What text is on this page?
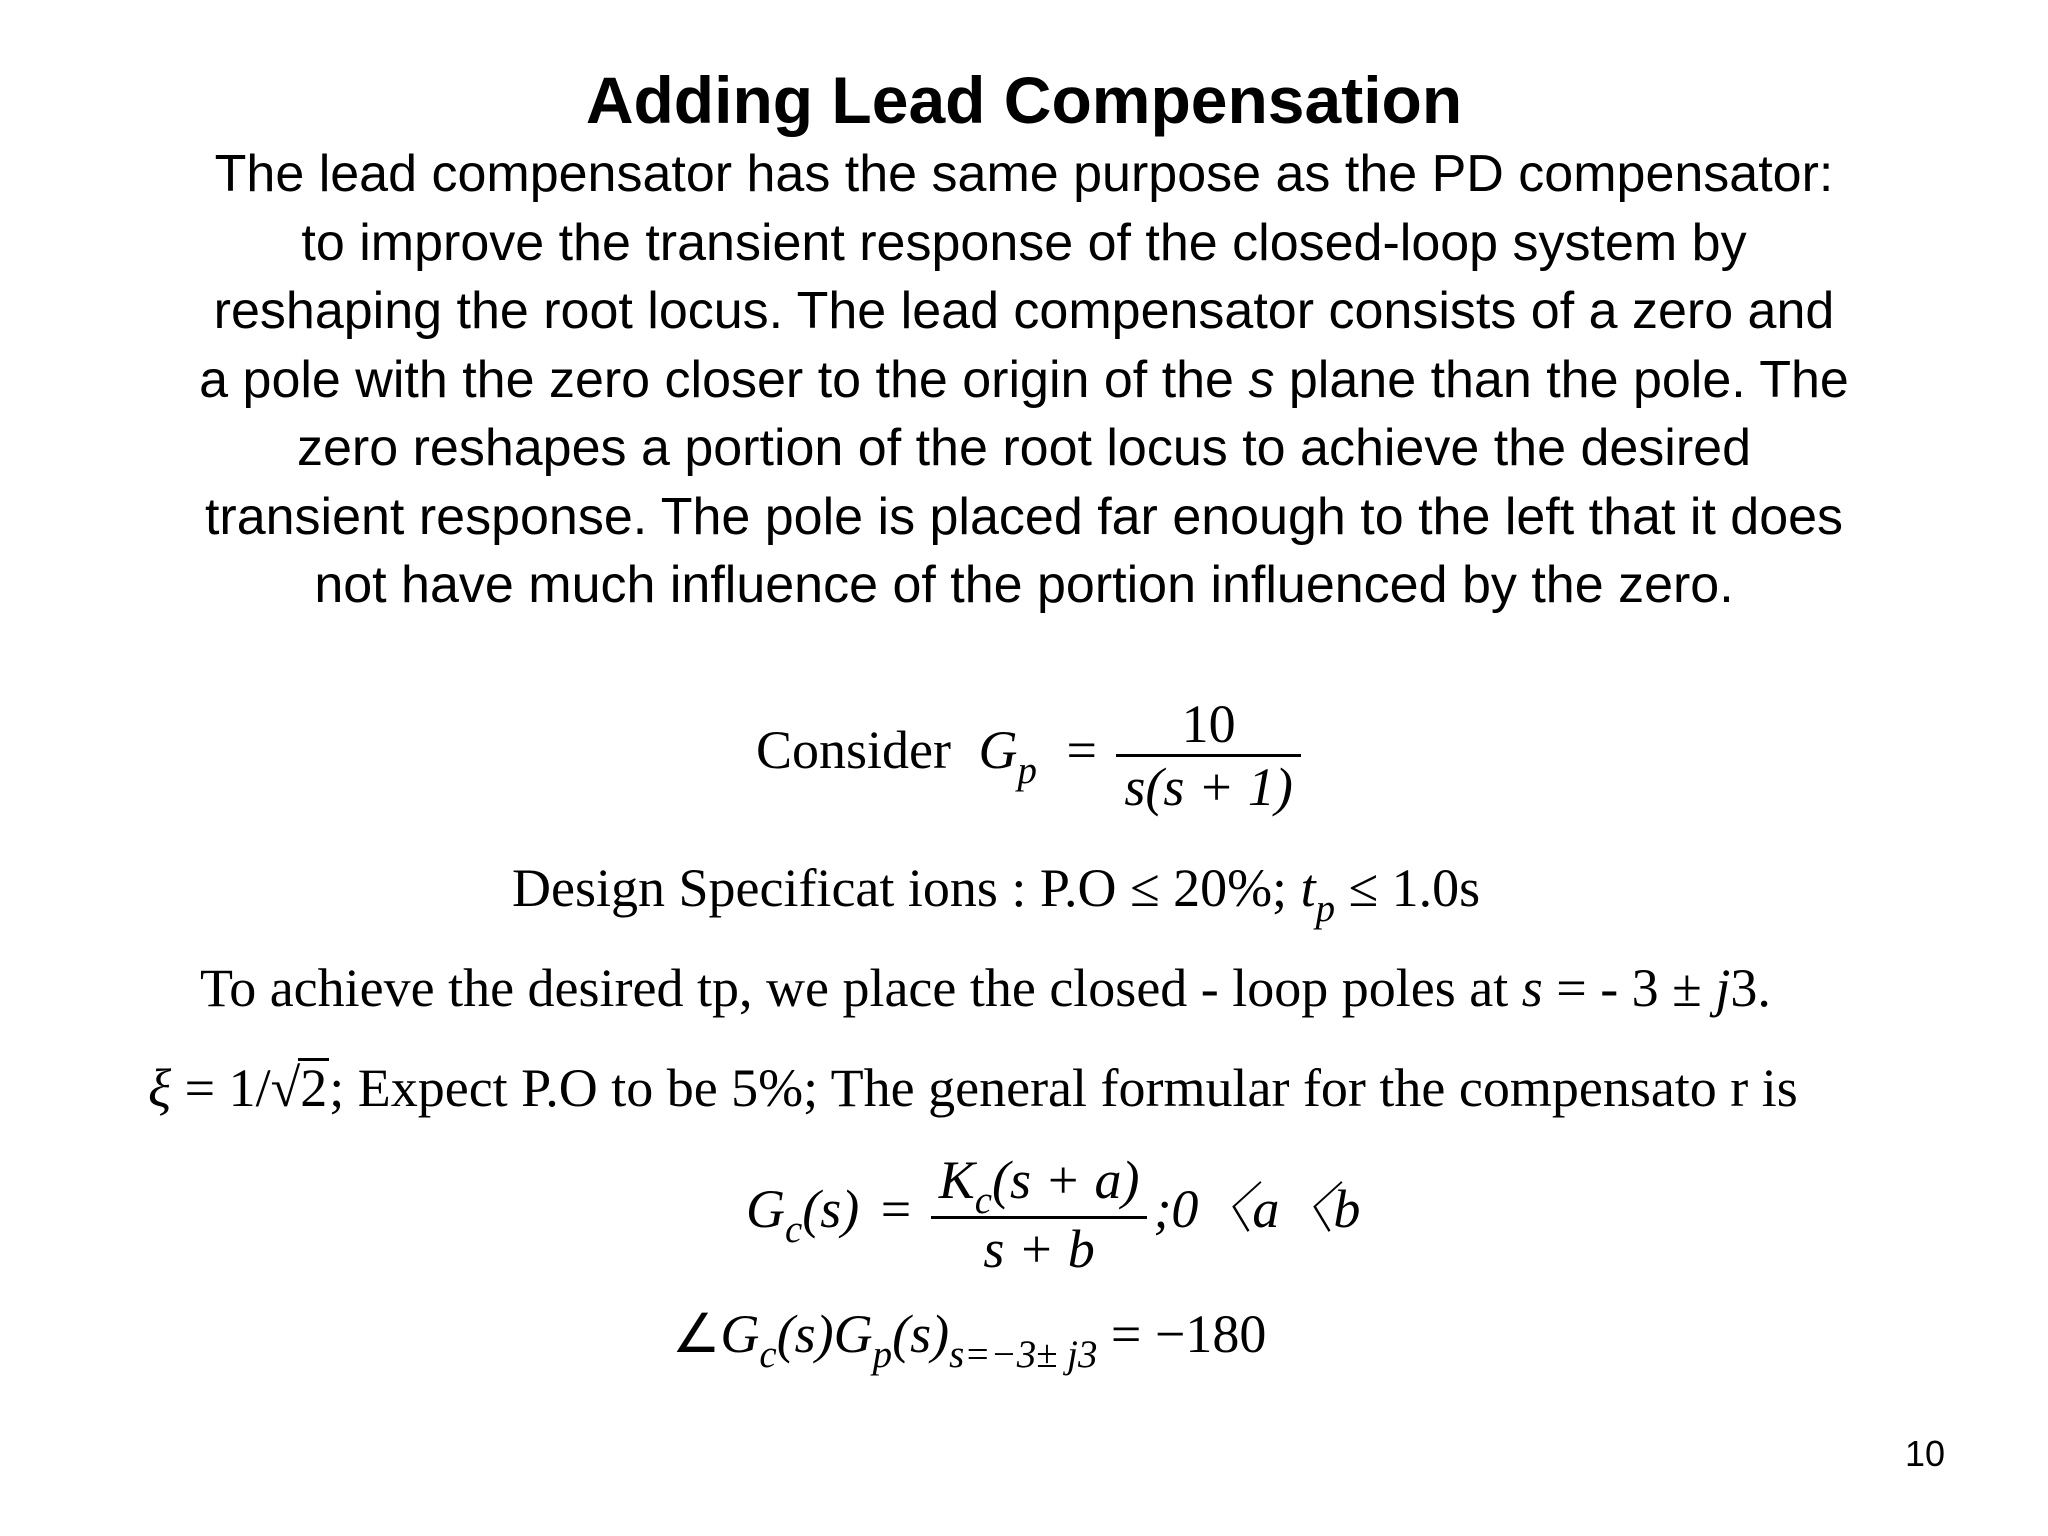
Adding Lead Compensation
The lead compensator has the same purpose as the PD compensator:
to improve the transient response of the closed-loop system by
reshaping the root locus. The lead compensator consists of a zero and
a pole with the zero closer to the origin of the s plane than the pole. The
zero reshapes a portion of the root locus to achieve the desired
transient response. The pole is placed far enough to the left that it does
not have much influence of the portion influenced by the zero.
Consider $G_p = \frac{10}{s(s + 1)}$
Design Specificat ions : P.O ≤ 20%; $t_p \le 1.0s$
To achieve the desired tp, we place the closed - loop poles at s = - 3 ± j3.
ξ = 1/√2; Expect P.O to be 5%; The general formular for the compensato r is
$G_c(s) = \frac{K_c(s + a)}{s + b}$ ;0〈a〈b
$\angle G_c(s)G_p(s)_{s=-3\pm j3} = -180$
10
